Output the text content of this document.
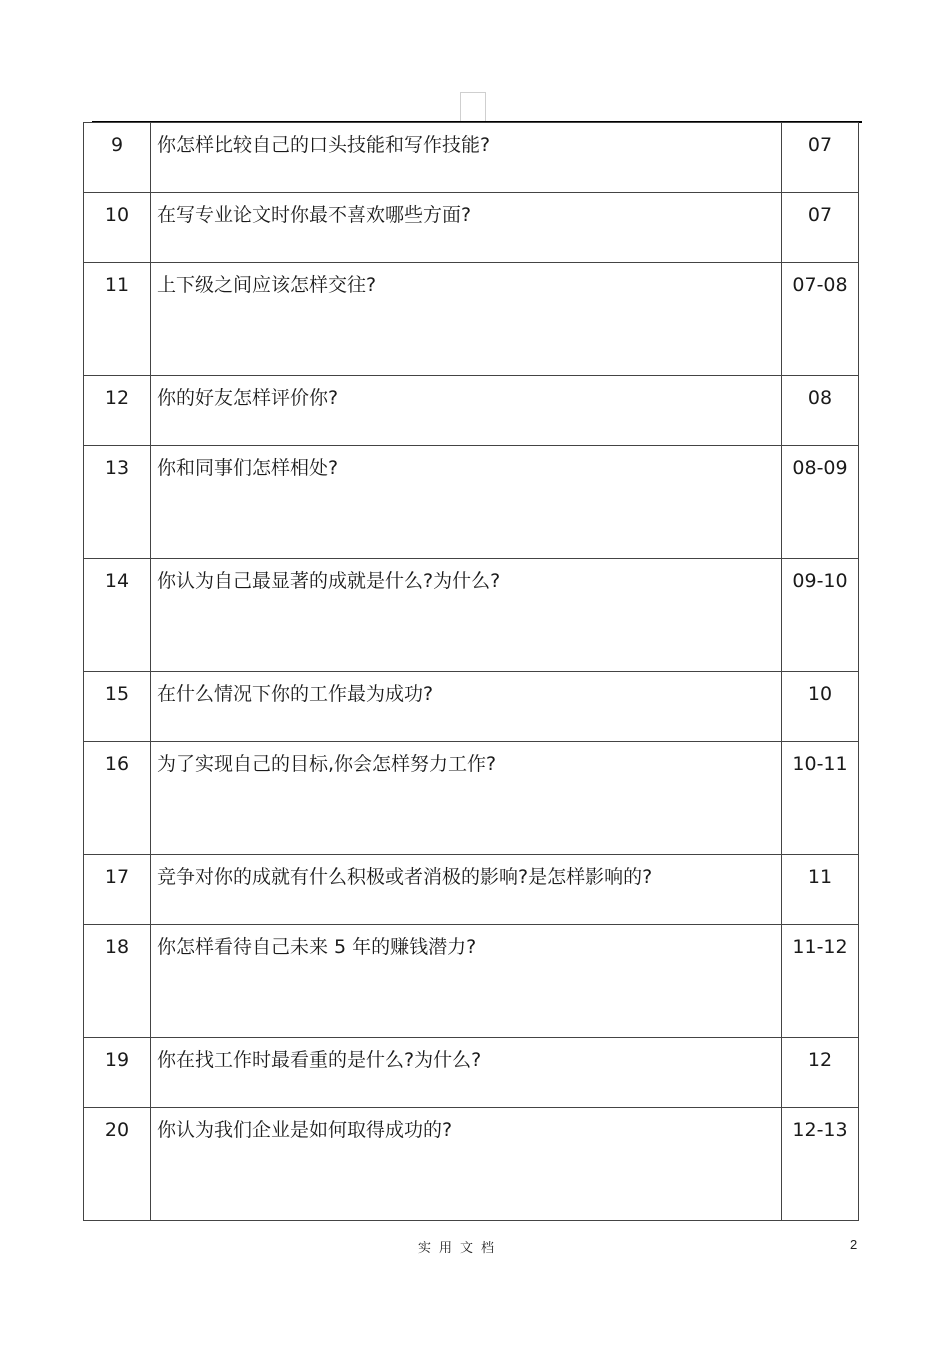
9	你怎样比较自己的口头技能和写作技能?	07
10	在写专业论文时你最不喜欢哪些方面?	07
11	上下级之间应该怎样交往?	07-08
12	你的好友怎样评价你?	08
13	你和同事们怎样相处?	08-09
14	你认为自己最显著的成就是什么?为什么?	09-10
15	在什么情况下你的工作最为成功?	10
16	为了实现自己的目标,你会怎样努力工作?	10-11
17	竞争对你的成就有什么积极或者消极的影响?是怎样影响的?	11
18	你怎样看待自己未来 5 年的赚钱潜力?	11-12
19	你在找工作时最看重的是什么?为什么?	12
20	你认为我们企业是如何取得成功的?	12-13
实用文档	2
